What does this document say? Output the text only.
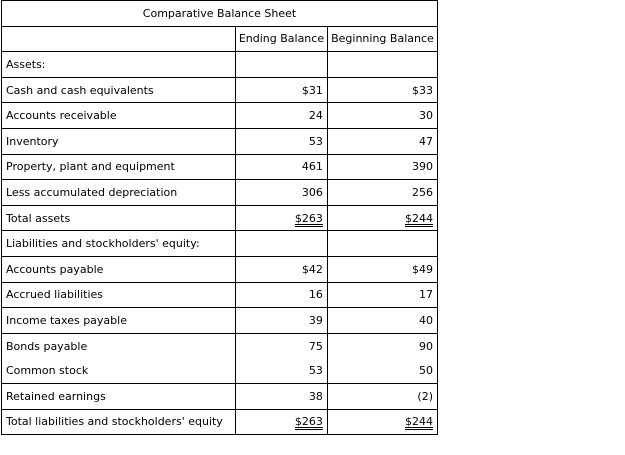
Comparative Balance Sheet		
	Ending Balance	Beginning Balance
Assets:		
Cash and cash equivalents	$31	$33
Accounts receivable	24	30
Inventory	53	47
Property, plant and equipment	461	390
Less accumulated depreciation	306	256
Total assets	$263	$244
Liabilities and stockholders' equity:		
Accounts payable	$42	$49
Accrued liabilities	16	17
Income taxes payable	39	40
Bonds payable	75	90
Common stock	53	50
Retained earnings	38	(2)
Total liabilities and stockholders' equity	$263	$244
